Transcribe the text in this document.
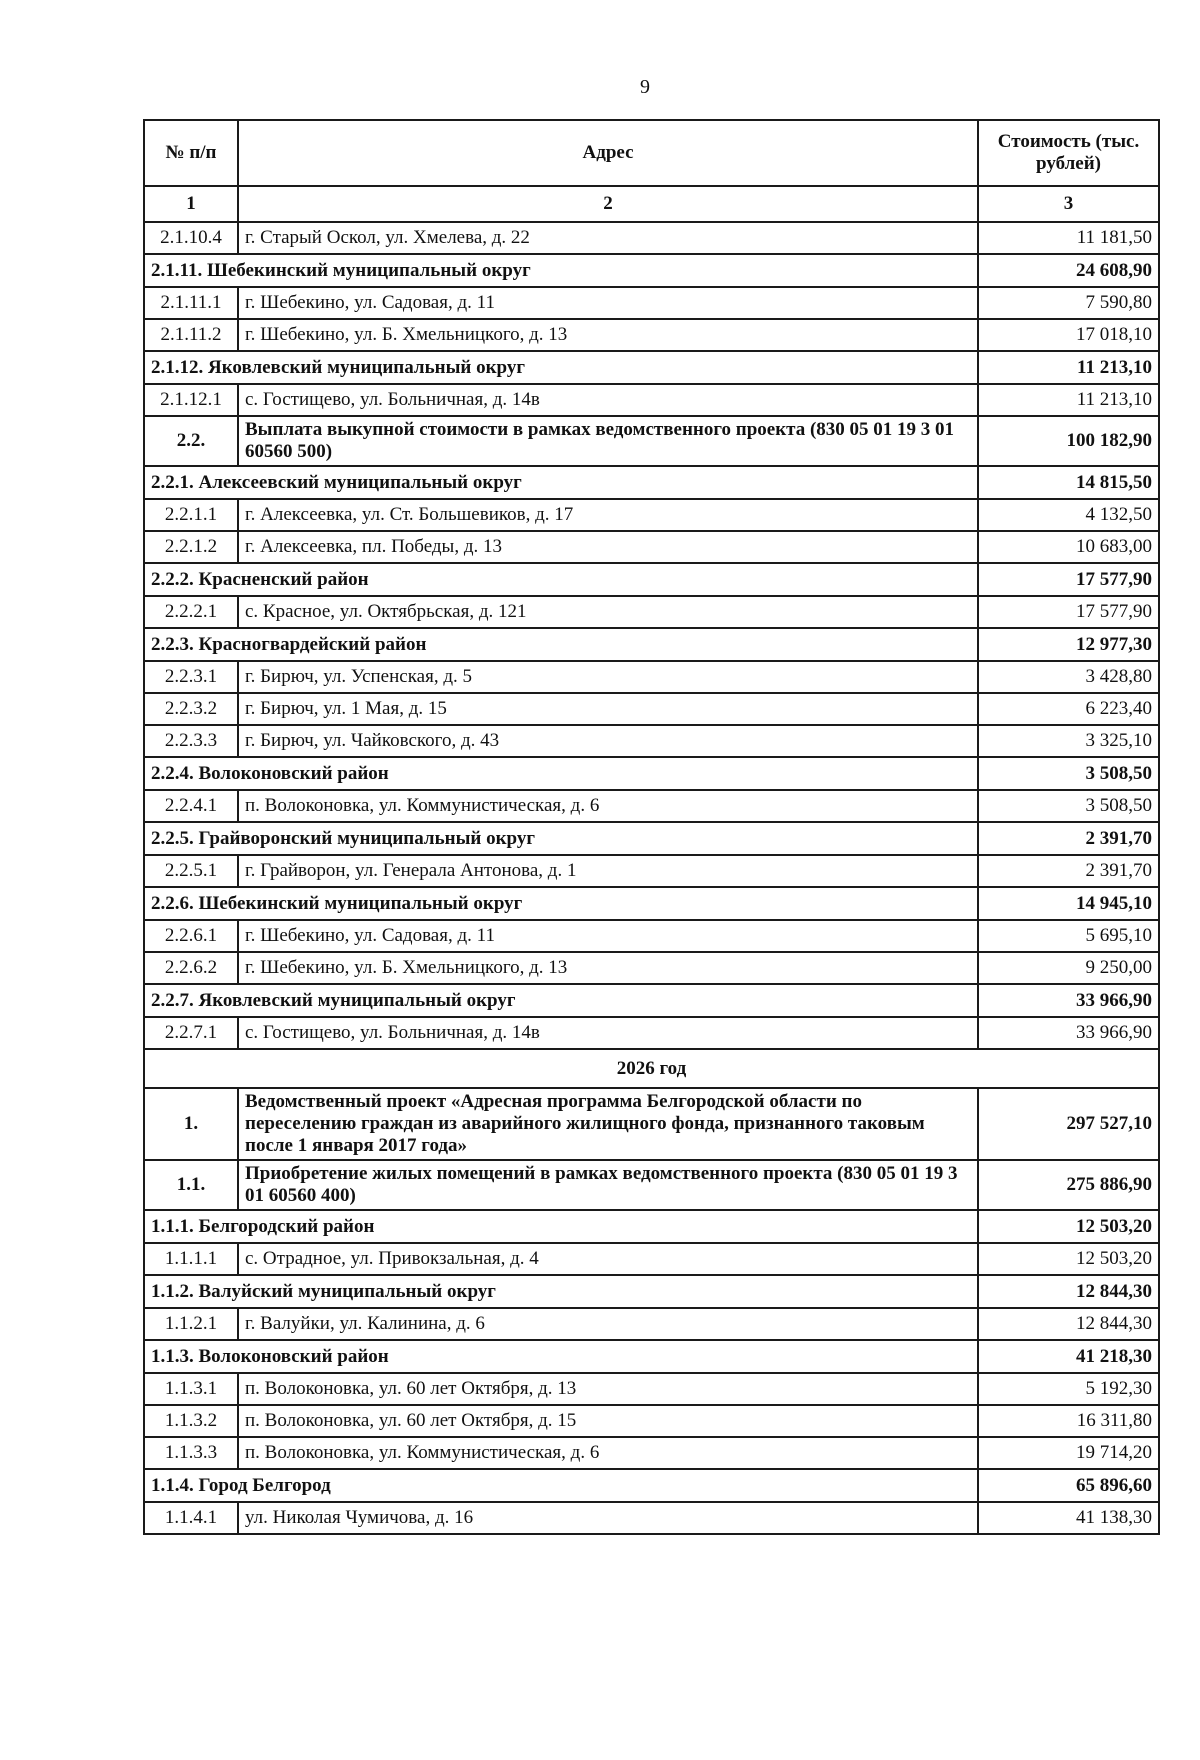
9
№ п/п	Адрес	Стоимость (тыс. рублей)
1	2	3
2.1.10.4	г. Старый Оскол, ул. Хмелева, д. 22	11 181,50
2.1.11. Шебекинский муниципальный округ		24 608,90
2.1.11.1	г. Шебекино, ул. Садовая, д. 11	7 590,80
2.1.11.2	г. Шебекино, ул. Б. Хмельницкого, д. 13	17 018,10
2.1.12. Яковлевский муниципальный округ		11 213,10
2.1.12.1	с. Гостищево, ул. Больничная, д. 14в	11 213,10
2.2.	Выплата выкупной стоимости в рамках ведомственного проекта (830 05 01 19 3 01 60560 500)	100 182,90
2.2.1. Алексеевский муниципальный округ		14 815,50
2.2.1.1	г. Алексеевка, ул. Ст. Большевиков, д. 17	4 132,50
2.2.1.2	г. Алексеевка, пл. Победы, д. 13	10 683,00
2.2.2. Красненский район		17 577,90
2.2.2.1	с. Красное, ул. Октябрьская, д. 121	17 577,90
2.2.3. Красногвардейский район		12 977,30
2.2.3.1	г. Бирюч, ул. Успенская, д. 5	3 428,80
2.2.3.2	г. Бирюч, ул. 1 Мая, д. 15	6 223,40
2.2.3.3	г. Бирюч, ул. Чайковского, д. 43	3 325,10
2.2.4. Волоконовский район		3 508,50
2.2.4.1	п. Волоконовка, ул. Коммунистическая, д. 6	3 508,50
2.2.5. Грайворонский муниципальный округ		2 391,70
2.2.5.1	г. Грайворон, ул. Генерала Антонова, д. 1	2 391,70
2.2.6. Шебекинский муниципальный округ		14 945,10
2.2.6.1	г. Шебекино, ул. Садовая, д. 11	5 695,10
2.2.6.2	г. Шебекино, ул. Б. Хмельницкого, д. 13	9 250,00
2.2.7. Яковлевский муниципальный округ		33 966,90
2.2.7.1	с. Гостищево, ул. Больничная, д. 14в	33 966,90
2026 год		
1.	Ведомственный проект «Адресная программа Белгородской области по переселению граждан из аварийного жилищного фонда, признанного таковым после 1 января 2017 года»	297 527,10
1.1.	Приобретение жилых помещений в рамках ведомственного проекта (830 05 01 19 3 01 60560 400)	275 886,90
1.1.1. Белгородский район		12 503,20
1.1.1.1	с. Отрадное, ул. Привокзальная, д. 4	12 503,20
1.1.2. Валуйский муниципальный округ		12 844,30
1.1.2.1	г. Валуйки, ул. Калинина, д. 6	12 844,30
1.1.3. Волоконовский район		41 218,30
1.1.3.1	п. Волоконовка, ул. 60 лет Октября, д. 13	5 192,30
1.1.3.2	п. Волоконовка, ул. 60 лет Октября, д. 15	16 311,80
1.1.3.3	п. Волоконовка, ул. Коммунистическая, д. 6	19 714,20
1.1.4. Город Белгород		65 896,60
1.1.4.1	ул. Николая Чумичова, д. 16	41 138,30
